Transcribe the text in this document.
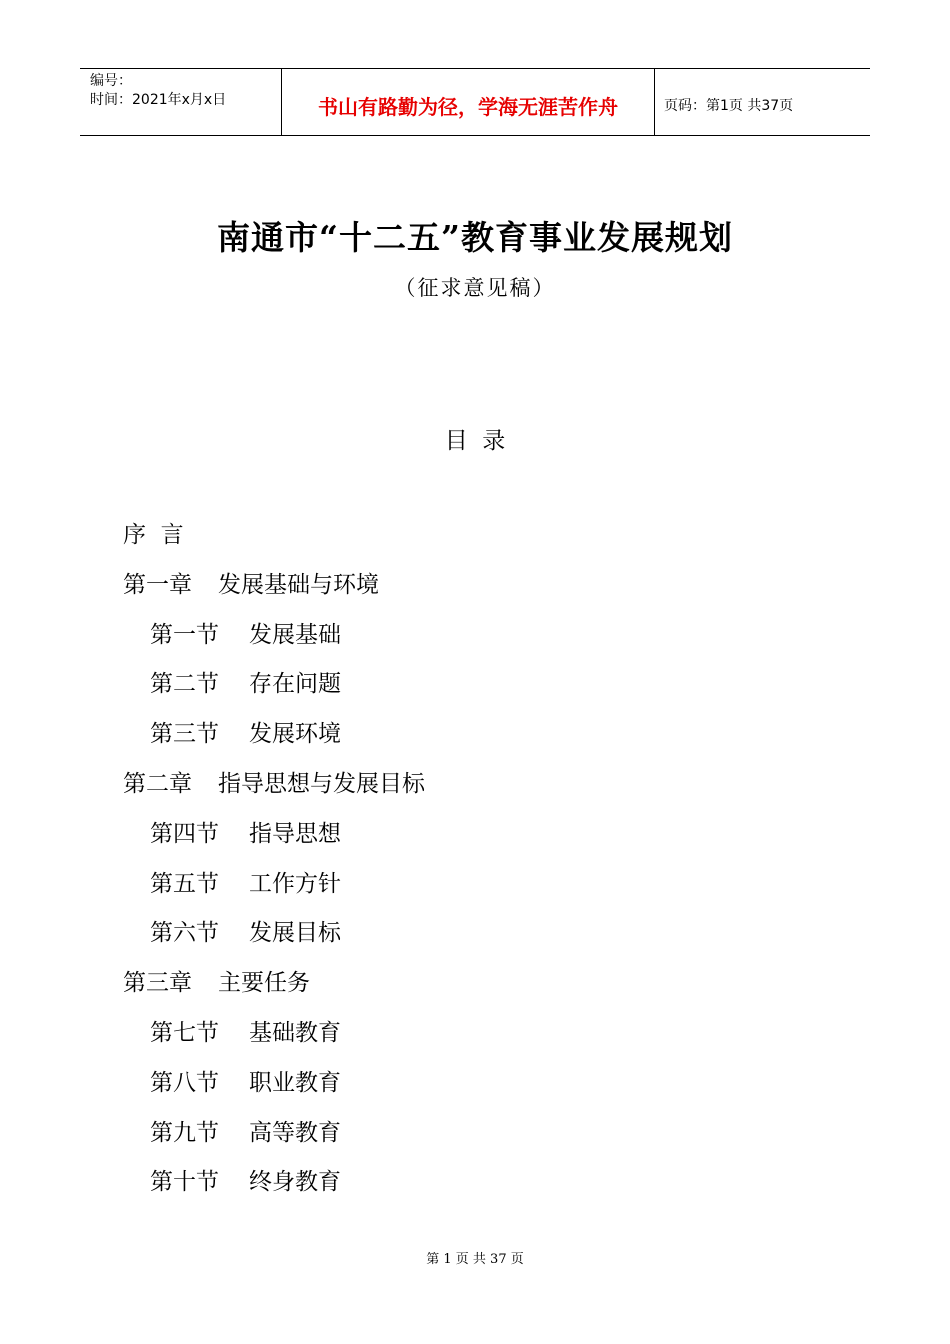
编号：
时间：2021年x月x日	书山有路勤为径，学海无涯苦作舟	页码：第1页 共37页
南通市“十二五”教育事业发展规划
（征求意见稿）
目  录
序  言
第一章 发展基础与环境
第一节 发展基础
第二节 存在问题
第三节 发展环境
第二章 指导思想与发展目标
第四节 指导思想
第五节 工作方针
第六节 发展目标
第三章 主要任务
第七节 基础教育
第八节 职业教育
第九节 高等教育
第十节 终身教育
第 1 页 共 37 页
